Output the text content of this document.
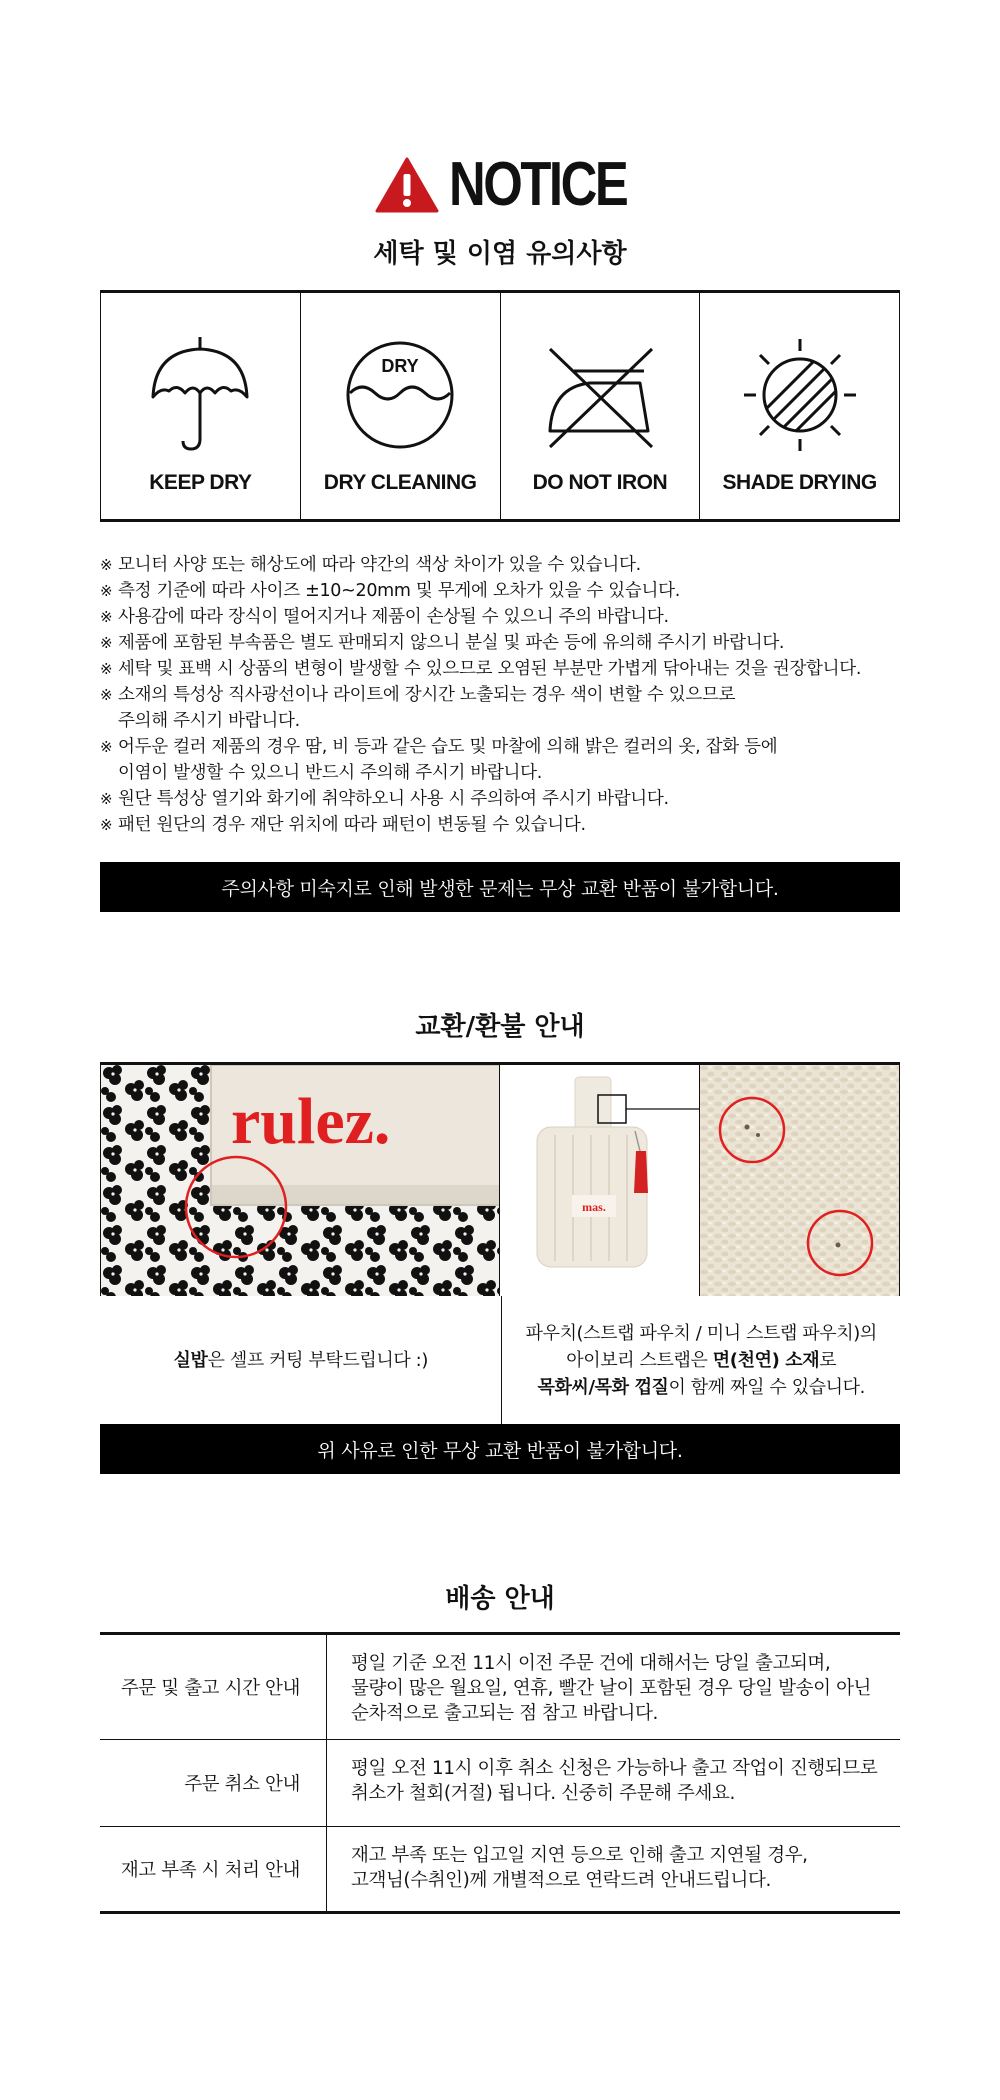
NOTICE
세탁 및 이염 유의사항
KEEP DRY
DRY
DRY CLEANING	DO NOT IRON	SHADE DRYING
※ 모니터 사양 또는 해상도에 따라 약간의 색상 차이가 있을 수 있습니다.
※ 측정 기준에 따라 사이즈 ±10~20mm 및 무게에 오차가 있을 수 있습니다.
※ 사용감에 따라 장식이 떨어지거나 제품이 손상될 수 있으니 주의 바랍니다.
※ 제품에 포함된 부속품은 별도 판매되지 않으니 분실 및 파손 등에 유의해 주시기 바랍니다.
※ 세탁 및 표백 시 상품의 변형이 발생할 수 있으므로 오염된 부분만 가볍게 닦아내는 것을 권장합니다.
※ 소재의 특성상 직사광선이나 라이트에 장시간 노출되는 경우 색이 변할 수 있으므로
주의해 주시기 바랍니다.
※ 어두운 컬러 제품의 경우 땀, 비 등과 같은 습도 및 마찰에 의해 밝은 컬러의 옷, 잡화 등에
이염이 발생할 수 있으니 반드시 주의해 주시기 바랍니다.
※ 원단 특성상 열기와 화기에 취약하오니 사용 시 주의하여 주시기 바랍니다.
※ 패턴 원단의 경우 재단 위치에 따라 패턴이 변동될 수 있습니다.
주의사항 미숙지로 인해 발생한 문제는 무상 교환 반품이 불가합니다.
교환/환불 안내
rulez.
mas.
실밥은 셀프 커팅 부탁드립니다 :)
파우치(스트랩 파우치 / 미니 스트랩 파우치)의
아이보리 스트랩은 면(천연) 소재로
목화씨/목화 껍질이 함께 짜일 수 있습니다.
위 사유로 인한 무상 교환 반품이 불가합니다.
배송 안내
주문 및 출고 시간 안내
평일 기준 오전 11시 이전 주문 건에 대해서는 당일 출고되며,
물량이 많은 월요일, 연휴, 빨간 날이 포함된 경우 당일 발송이 아닌
순차적으로 출고되는 점 참고 바랍니다.
주문 취소 안내
평일 오전 11시 이후 취소 신청은 가능하나 출고 작업이 진행되므로
취소가 철회(거절) 됩니다. 신중히 주문해 주세요.
재고 부족 시 처리 안내
재고 부족 또는 입고일 지연 등으로 인해 출고 지연될 경우,
고객님(수취인)께 개별적으로 연락드려 안내드립니다.
